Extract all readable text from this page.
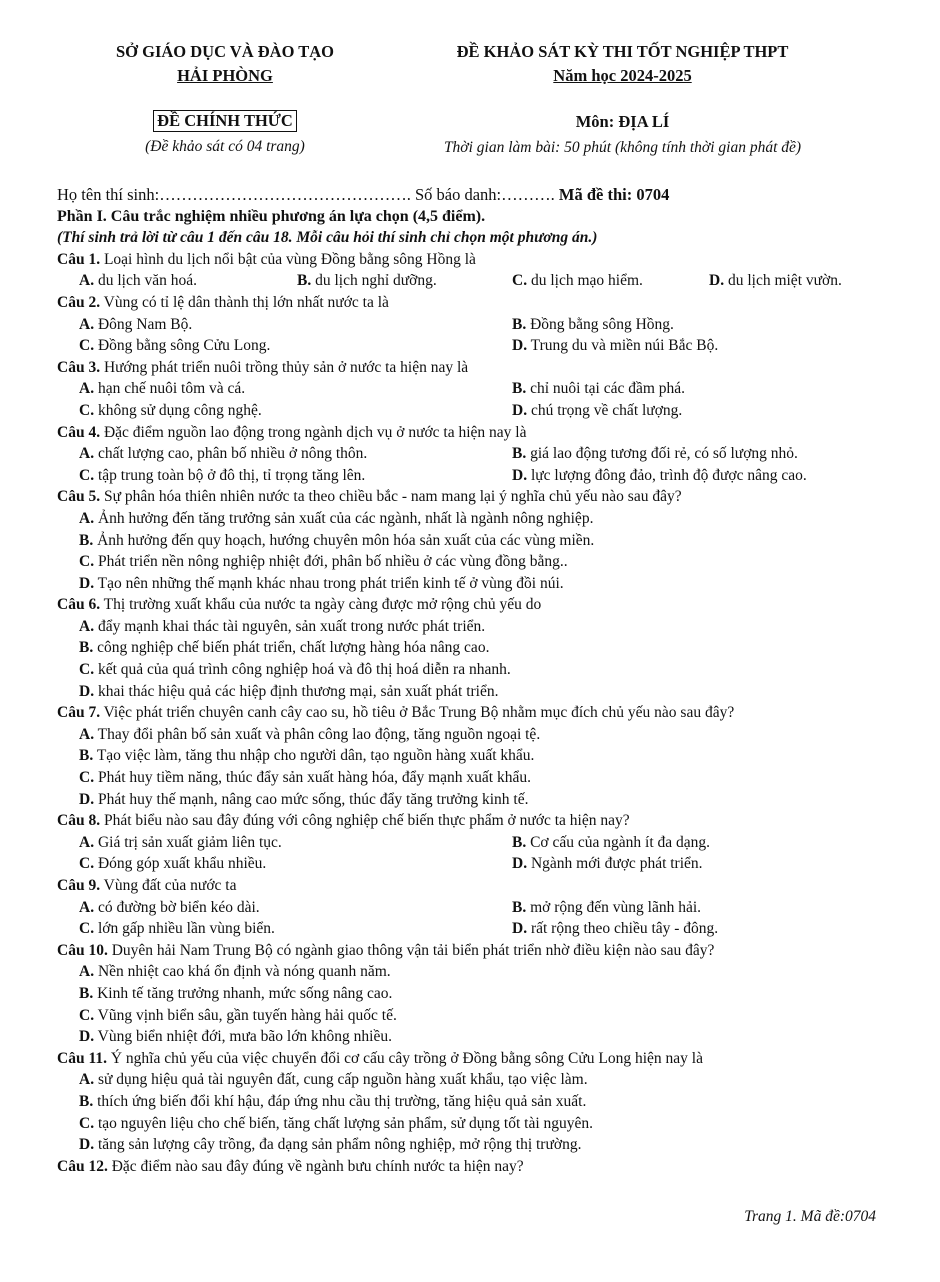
SỞ GIÁO DỤC VÀ ĐÀO TẠO
HẢI PHÒNG
ĐỀ CHÍNH THỨC
(Đề khảo sát có 04 trang)
ĐỀ KHẢO SÁT KỲ THI TỐT NGHIỆP THPT
Năm học 2024-2025
Môn: ĐỊA LÍ
Thời gian làm bài: 50 phút (không tính thời gian phát đề)
Họ tên thí sinh:………………………………………. Số báo danh:………. Mã đề thi: 0704
Phần I. Câu trắc nghiệm nhiều phương án lựa chọn (4,5 điểm).
(Thí sinh trả lời từ câu 1 đến câu 18. Mỗi câu hỏi thí sinh chỉ chọn một phương án.)
Câu 1. Loại hình du lịch nổi bật của vùng Đồng bằng sông Hồng là
A. du lịch văn hoá.	B. du lịch nghỉ dưỡng.	C. du lịch mạo hiểm.	D. du lịch miệt vườn.
Câu 2. Vùng có tỉ lệ dân thành thị lớn nhất nước ta là
A. Đông Nam Bộ.	B. Đồng bằng sông Hồng.
C. Đồng bằng sông Cửu Long.	D. Trung du và miền núi Bắc Bộ.
Câu 3. Hướng phát triển nuôi trồng thủy sản ở nước ta hiện nay là
A. hạn chế nuôi tôm và cá.	B. chỉ nuôi tại các đầm phá.
C. không sử dụng công nghệ.	D. chú trọng về chất lượng.
Câu 4. Đặc điểm nguồn lao động trong ngành dịch vụ ở nước ta hiện nay là
A. chất lượng cao, phân bố nhiều ở nông thôn.	B. giá lao động tương đối rẻ, có số lượng nhỏ.
C. tập trung toàn bộ ở đô thị, tỉ trọng tăng lên.	D. lực lượng đông đảo, trình độ được nâng cao.
Câu 5. Sự phân hóa thiên nhiên nước ta theo chiều bắc - nam mang lại ý nghĩa chủ yếu nào sau đây?
A. Ảnh hưởng đến tăng trưởng sản xuất của các ngành, nhất là ngành nông nghiệp.
B. Ảnh hưởng đến quy hoạch, hướng chuyên môn hóa sản xuất của các vùng miền.
C. Phát triển nền nông nghiệp nhiệt đới, phân bố nhiều ở các vùng đồng bằng..
D. Tạo nên những thế mạnh khác nhau trong phát triển kinh tế ở vùng đồi núi.
Câu 6. Thị trường xuất khẩu của nước ta ngày càng được mở rộng chủ yếu do
A. đẩy mạnh khai thác tài nguyên, sản xuất trong nước phát triển.
B. công nghiệp chế biến phát triển, chất lượng hàng hóa nâng cao.
C. kết quả của quá trình công nghiệp hoá và đô thị hoá diễn ra nhanh.
D. khai thác hiệu quả các hiệp định thương mại, sản xuất phát triển.
Câu 7. Việc phát triển chuyên canh cây cao su, hồ tiêu ở Bắc Trung Bộ nhằm mục đích chủ yếu nào sau đây?
A. Thay đổi phân bố sản xuất và phân công lao động, tăng nguồn ngoại tệ.
B. Tạo việc làm, tăng thu nhập cho người dân, tạo nguồn hàng xuất khẩu.
C. Phát huy tiềm năng, thúc đẩy sản xuất hàng hóa, đẩy mạnh xuất khẩu.
D. Phát huy thế mạnh, nâng cao mức sống, thúc đẩy tăng trưởng kinh tế.
Câu 8. Phát biểu nào sau đây đúng với công nghiệp chế biến thực phẩm ở nước ta hiện nay?
A. Giá trị sản xuất giảm liên tục.	B. Cơ cấu của ngành ít đa dạng.
C. Đóng góp xuất khẩu nhiều.	D. Ngành mới được phát triển.
Câu 9. Vùng đất của nước ta
A. có đường bờ biển kéo dài.	B. mở rộng đến vùng lãnh hải.
C. lớn gấp nhiều lần vùng biển.	D. rất rộng theo chiều tây - đông.
Câu 10. Duyên hải Nam Trung Bộ có ngành giao thông vận tải biển phát triển nhờ điều kiện nào sau đây?
A. Nền nhiệt cao khá ổn định và nóng quanh năm.
B. Kinh tế tăng trưởng nhanh, mức sống nâng cao.
C. Vũng vịnh biển sâu, gần tuyến hàng hải quốc tế.
D. Vùng biển nhiệt đới, mưa bão lớn không nhiều.
Câu 11. Ý nghĩa chủ yếu của việc chuyển đổi cơ cấu cây trồng ở Đồng bằng sông Cửu Long hiện nay là
A. sử dụng hiệu quả tài nguyên đất, cung cấp nguồn hàng xuất khẩu, tạo việc làm.
B. thích ứng biến đổi khí hậu, đáp ứng nhu cầu thị trường, tăng hiệu quả sản xuất.
C. tạo nguyên liệu cho chế biến, tăng chất lượng sản phẩm, sử dụng tốt tài nguyên.
D. tăng sản lượng cây trồng, đa dạng sản phẩm nông nghiệp, mở rộng thị trường.
Câu 12. Đặc điểm nào sau đây đúng về ngành bưu chính nước ta hiện nay?
Trang 1. Mã đề:0704
